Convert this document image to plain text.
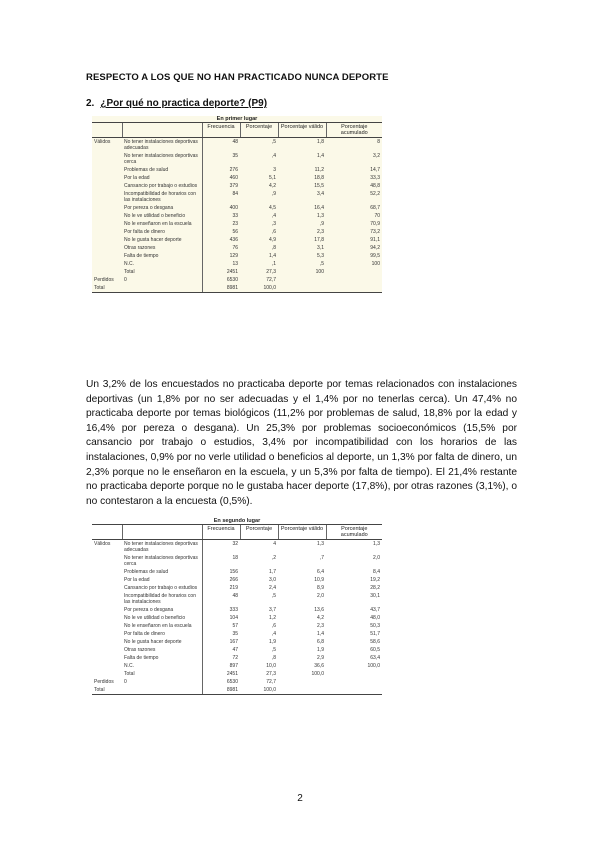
RESPECTO A LOS QUE NO HAN PRACTICADO NUNCA DEPORTE
2. ¿Por qué no practica deporte? (P9)
En primer lugar
		Frecuencia	Porcentaje	Porcentaje válido	Porcentaje acumulado
Válidos	No tener instalaciones deportivas adecuadas	48	,5	1,8	8
	No tener instalaciones deportivas cerca	35	,4	1,4	3,2
	Problemas de salud	276	3	11,2	14,7
	Por la edad	460	5,1	18,8	33,3
	Cansancio por trabajo o estudios	379	4,2	15,5	48,8
	Incompatibilidad de horarios con las instalaciones	84	,9	3,4	52,2
	Por pereza o desgana	400	4,5	16,4	68,7
	No le ve utilidad o beneficio	33	,4	1,3	70
	No le enseñaron en la escuela	23	,3	,9	70,9
	Por falta de dinero	56	,6	2,3	73,2
	No le gusta hacer deporte	436	4,9	17,8	91,1
	Otras razones	76	,8	3,1	94,2
	Falta de tiempo	129	1,4	5,3	99,5
	N.C.	13	,1	,5	100
	Total	2451	27,3	100	
Perdidos	0	6530	72,7		
Total		8981	100,0		
Un 3,2% de los encuestados no practicaba deporte por temas relacionados con instalaciones deportivas (un 1,8% por no ser adecuadas y el 1,4% por no tenerlas cerca). Un 47,4% no practicaba deporte por temas biológicos (11,2% por problemas de salud, 18,8% por la edad y 16,4% por pereza o desgana). Un 25,3% por problemas socioeconómicos (15,5% por cansancio por trabajo o estudios, 3,4% por incompatibilidad con los horarios de las instalaciones, 0,9% por no verle utilidad o beneficios al deporte, un 1,3% por falta de dinero, un 2,3% porque no le enseñaron en la escuela, y un 5,3% por falta de tiempo). El 21,4% restante no practicaba deporte porque no le gustaba hacer deporte (17,8%), por otras razones (3,1%), o no contestaron a la encuesta (0,5%).
En segundo lugar
		Frecuencia	Porcentaje	Porcentaje válido	Porcentaje acumulado
Válidos	No tener instalaciones deportivas adecuadas	32	4	1,3	1,3
	No tener instalaciones deportivas cerca	18	,2	,7	2,0
	Problemas de salud	156	1,7	6,4	8,4
	Por la edad	266	3,0	10,9	19,2
	Cansancio por trabajo o estudios	219	2,4	8,9	28,2
	Incompatibilidad de horarios con las instalaciones	48	,5	2,0	30,1
	Por pereza o desgana	333	3,7	13,6	43,7
	No le ve utilidad o beneficio	104	1,2	4,2	48,0
	No le enseñaron en la escuela	57	,6	2,3	50,3
	Por falta de dinero	35	,4	1,4	51,7
	No le gusta hacer deporte	167	1,9	6,8	58,6
	Otras razones	47	,5	1,9	60,5
	Falta de tiempo	72	,8	2,9	63,4
	N.C.	897	10,0	36,6	100,0
	Total	2451	27,3	100,0	
Perdidos	0	6530	72,7		
Total		8981	100,0		
2
